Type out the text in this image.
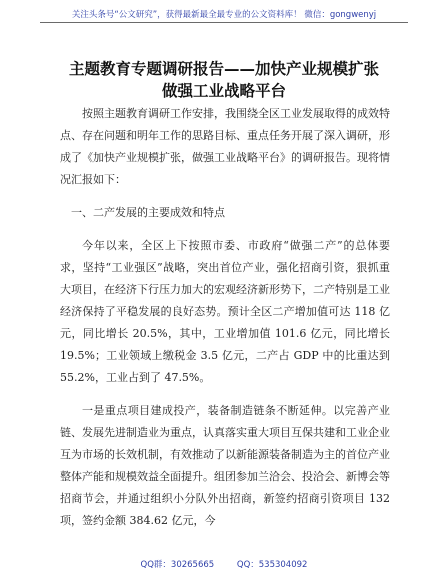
关注头条号“公文研究”，获得最新最全最专业的公文资料库！ 微信：gongwenyj
主题教育专题调研报告——加快产业规模扩张
做强工业战略平台
按照主题教育调研工作安排，我围绕全区工业发展取得的成效特点、存在问题和明年工作的思路目标、重点任务开展了深入调研，形成了《加快产业规模扩张，做强工业战略平台》的调研报告。现将情况汇报如下：
一、二产发展的主要成效和特点
今年以来，全区上下按照市委、市政府“做强二产”的总体要求，坚持“工业强区”战略，突出首位产业，强化招商引资，狠抓重大项目，在经济下行压力加大的宏观经济新形势下，二产特别是工业经济保持了平稳发展的良好态势。预计全区二产增加值可达 118 亿元，同比增长 20.5%，其中，工业增加值 101.6 亿元，同比增长 19.5%；工业领域上缴税金 3.5 亿元，二产占 GDP 中的比重达到 55.2%，工业占到了 47.5%。
一是重点项目建成投产，装备制造链条不断延伸。以完善产业链、发展先进制造业为重点，认真落实重大项目互保共建和工业企业互为市场的长效机制，有效推动了以新能源装备制造为主的首位产业整体产能和规模效益全面提升。组团参加兰洽会、投洽会、新博会等招商节会，并通过组织小分队外出招商，新签约招商引资项目 132 项，签约金额 384.62 亿元，今
QQ群：30265665	QQ：535304092
